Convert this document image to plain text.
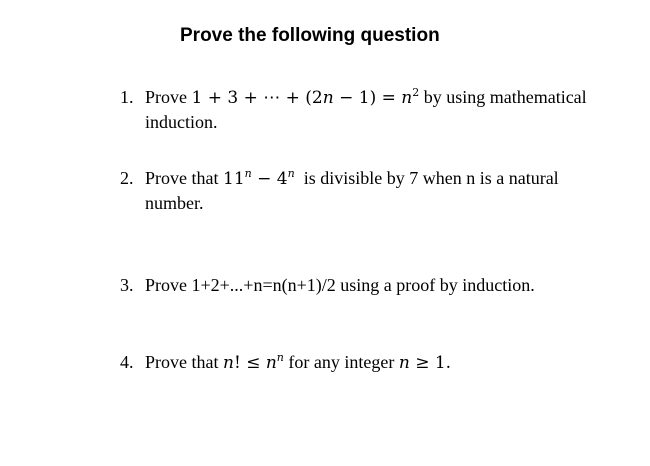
Prove the following question
1. Prove 1 + 3 + ⋯ + $(2n - 1) = n^2$ by using mathematical
induction.
2. Prove that $11^n - 4^n$ is divisible by 7 when n is a natural
number.
3. Prove 1+2+...+n=n(n+1)/2 using a proof by induction.
4. Prove that n! ≤ $n^n$ for any integer n ≥ 1.
